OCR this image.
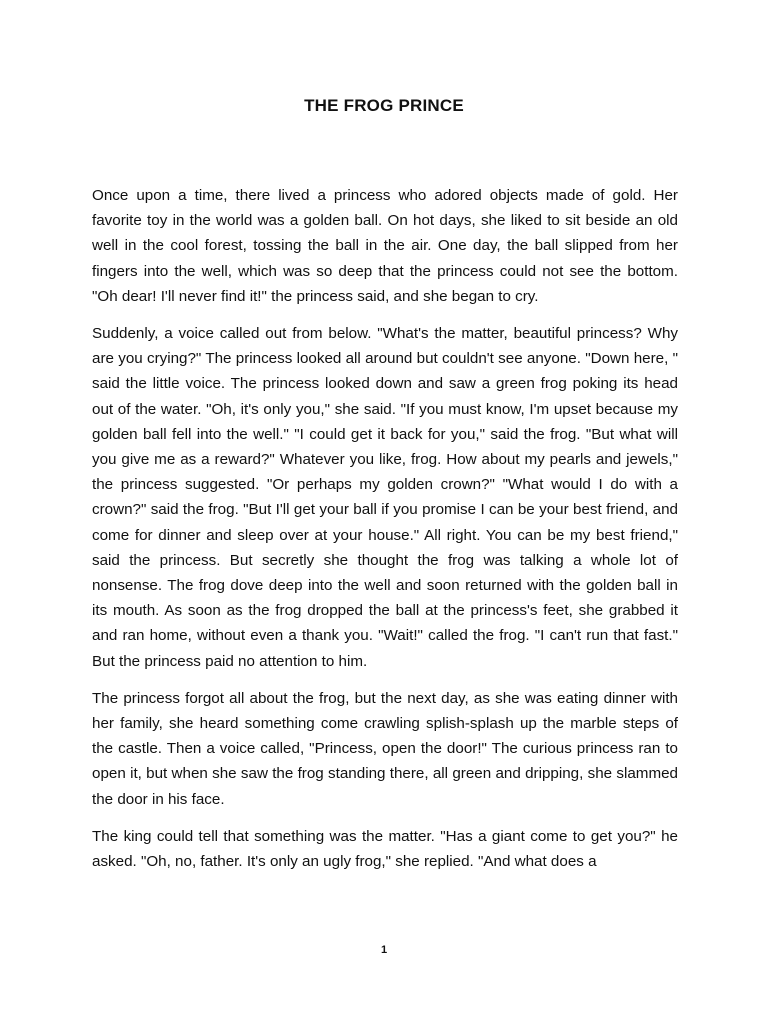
THE FROG PRINCE

Once upon a time, there lived a princess who adored objects made of gold. Her favorite toy in the world was a golden ball. On hot days, she liked to sit beside an old well in the cool forest, tossing the ball in the air. One day, the ball slipped from her fingers into the well, which was so deep that the princess could not see the bottom. "Oh dear! I'll never find it!" the princess said, and she began to cry.

Suddenly, a voice called out from below. "What's the matter, beautiful princess? Why are you crying?" The princess looked all around but couldn't see anyone. "Down here, " said the little voice. The princess looked down and saw a green frog poking its head out of the water. "Oh, it's only you," she said. "If you must know, I'm upset because my golden ball fell into the well." "I could get it back for you," said the frog. "But what will you give me as a reward?" Whatever you like, frog. How about my pearls and jewels," the princess suggested. "Or perhaps my golden crown?" "What would I do with a crown?" said the frog. "But I'll get your ball if you promise I can be your best friend, and come for dinner and sleep over at your house." All right. You can be my best friend," said the princess. But secretly she thought the frog was talking a whole lot of nonsense. The frog dove deep into the well and soon returned with the golden ball in its mouth. As soon as the frog dropped the ball at the princess's feet, she grabbed it and ran home, without even a thank you. "Wait!" called the frog. "I can't run that fast." But the princess paid no attention to him.

The princess forgot all about the frog, but the next day, as she was eating dinner with her family, she heard something come crawling splish-splash up the marble steps of the castle. Then a voice called, "Princess, open the door!" The curious princess ran to open it, but when she saw the frog standing there, all green and dripping, she slammed the door in his face.

The king could tell that something was the matter. "Has a giant come to get you?" he asked. "Oh, no, father. It's only an ugly frog," she replied. "And what does a

1
